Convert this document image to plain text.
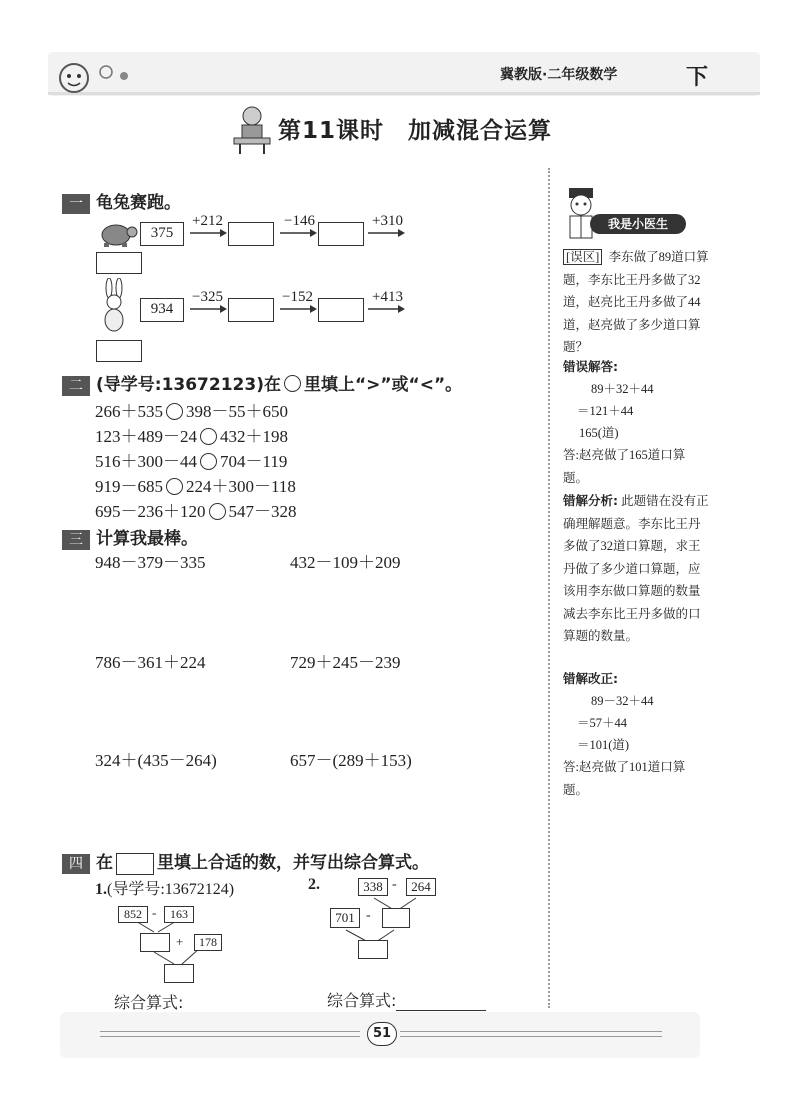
冀教版·二年级数学	下
第11课时　加减混合运算
一 龟兔赛跑。
375
+212	−146	+310
934
−325	−152	+413
二 (导学号:13672123)在 里填上“>”或“<”。
266＋535 398－55＋650
123＋489－24 432＋198
516＋300－44 704－119
919－685 224＋300－118
695－236＋120 547－328
三 计算我最棒。
948－379－335	432－109＋209
786－361＋224	729＋245－239
324＋(435－264)	657－(289＋153)
四 在	里填上合适的数，并写出综合算式。
1.(导学号:13672124)
852 -	163
+	178
综合算式:
2.	338 -	264
701 -
综合算式:
我是小医生
[误区] 李东做了89道口算题，李东比王丹多做了32道，赵亮比王丹多做了44道，赵亮做了多少道口算题？
错误解答:
89＋32＋44
＝121＋44
165(道)
答:赵亮做了165道口算题。
错解分析: 此题错在没有正确理解题意。李东比王丹多做了32道口算题，求王丹做了多少道口算题，应该用李东做口算题的数量减去李东比王丹多做的口算题的数量。
错解改正:
89－32＋44
＝57＋44
＝101(道)
答:赵亮做了101道口算题。
51
